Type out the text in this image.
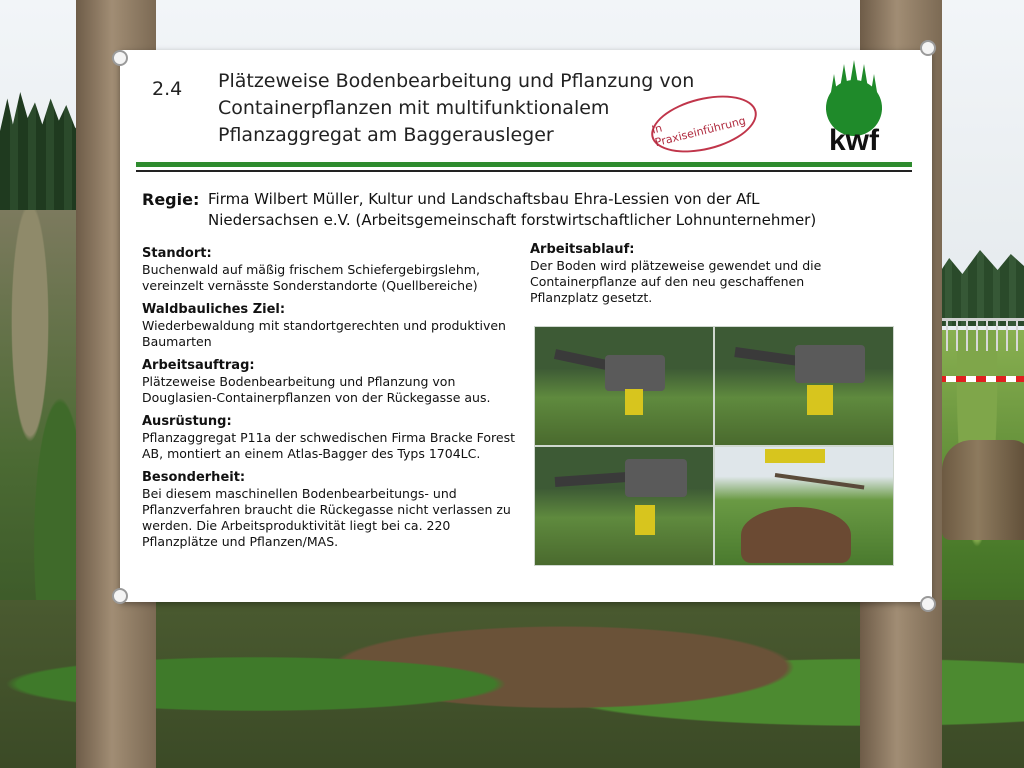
2.4 Plätzeweise Bodenbearbeitung und Pflanzung von
Containerpflanzen mit multifunktionalem
Pflanzaggregat am Baggerausleger	In Praxiseinführung	kwf
Regie: Firma Wilbert Müller, Kultur und Landschaftsbau Ehra-Lessien von der AfL
Niedersachsen e.V. (Arbeitsgemeinschaft forstwirtschaftlicher Lohnunternehmer)
Standort:
Buchenwald auf mäßig frischem Schiefergebirgslehm,
vereinzelt vernässte Sonderstandorte (Quellbereiche)
Waldbauliches Ziel:
Wiederbewaldung mit standortgerechten und produktiven
Baumarten
Arbeitsauftrag:
Plätzeweise Bodenbearbeitung und Pflanzung von
Douglasien-Containerpflanzen von der Rückegasse aus.
Ausrüstung:
Pflanzaggregat P11a der schwedischen Firma Bracke Forest
AB, montiert an einem Atlas-Bagger des Typs 1704LC.
Besonderheit:
Bei diesem maschinellen Bodenbearbeitungs- und
Pflanzverfahren braucht die Rückegasse nicht verlassen zu
werden. Die Arbeitsproduktivität liegt bei ca. 220
Pflanzplätze und Pflanzen/MAS.
Arbeitsablauf:
Der Boden wird plätzeweise gewendet und die
Containerpflanze auf den neu geschaffenen
Pflanzplatz gesetzt.
